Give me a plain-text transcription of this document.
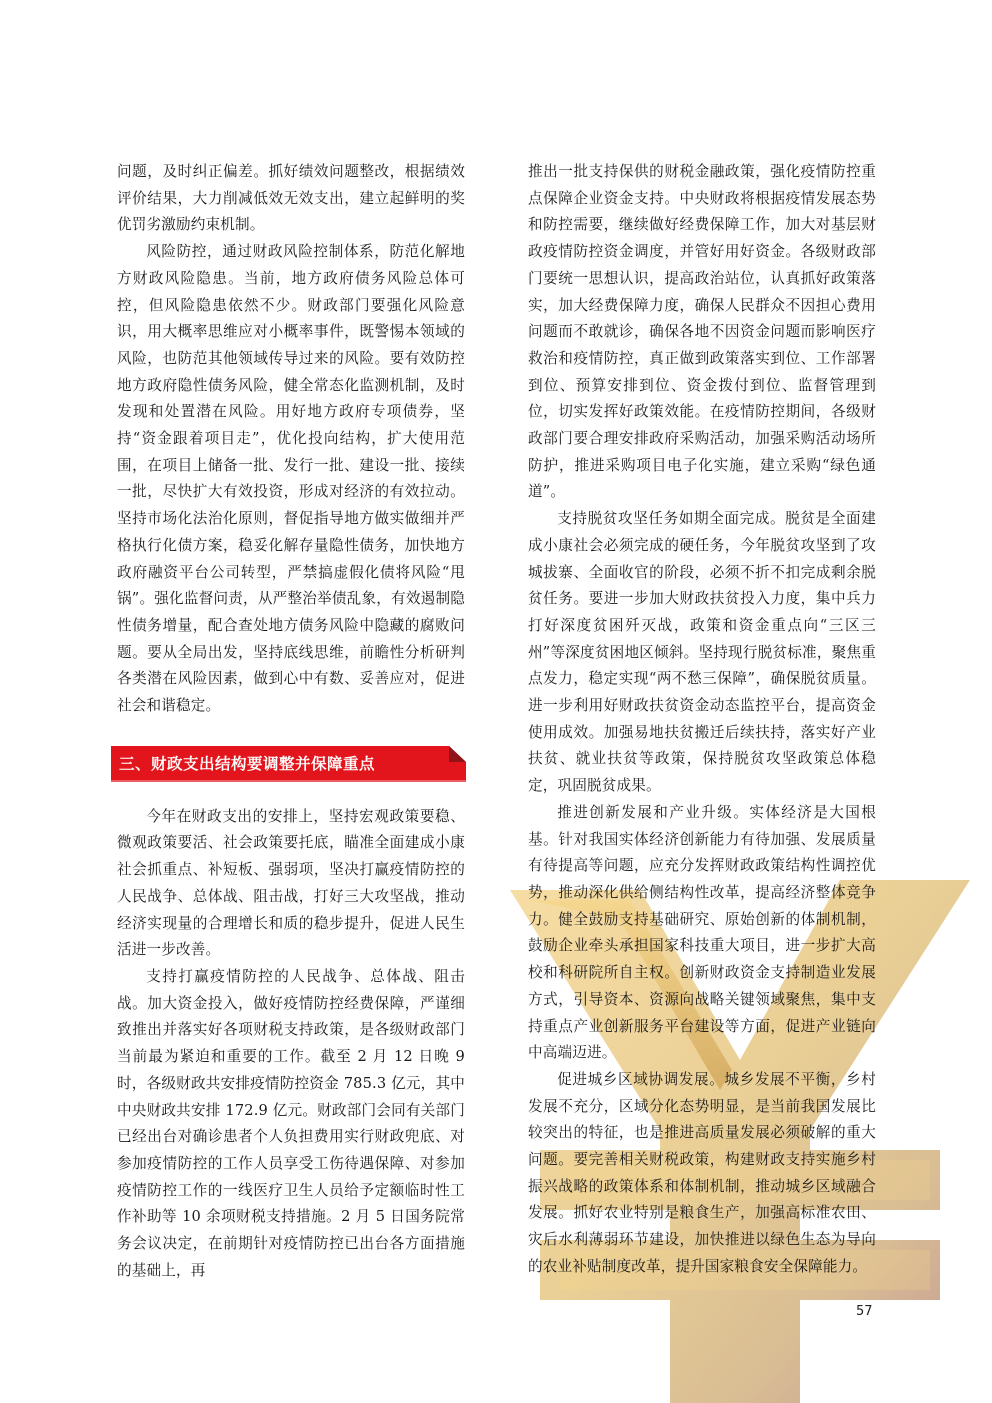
问题，及时纠正偏差。抓好绩效问题整改，根据绩效评价结果，大力削减低效无效支出，建立起鲜明的奖优罚劣激励约束机制。

风险防控，通过财政风险控制体系，防范化解地方财政风险隐患。当前，地方政府债务风险总体可控，但风险隐患依然不少。财政部门要强化风险意识，用大概率思维应对小概率事件，既警惕本领域的风险，也防范其他领域传导过来的风险。要有效防控地方政府隐性债务风险，健全常态化监测机制，及时发现和处置潜在风险。用好地方政府专项债券，坚持“资金跟着项目走”，优化投向结构，扩大使用范围，在项目上储备一批、发行一批、建设一批、接续一批，尽快扩大有效投资，形成对经济的有效拉动。坚持市场化法治化原则，督促指导地方做实做细并严格执行化债方案，稳妥化解存量隐性债务，加快地方政府融资平台公司转型，严禁搞虚假化债将风险“甩锅”。强化监督问责，从严整治举债乱象，有效遏制隐性债务增量，配合查处地方债务风险中隐藏的腐败问题。要从全局出发，坚持底线思维，前瞻性分析研判各类潜在风险因素，做到心中有数、妥善应对，促进社会和谐稳定。

三、财政支出结构要调整并保障重点

今年在财政支出的安排上，坚持宏观政策要稳、微观政策要活、社会政策要托底，瞄准全面建成小康社会抓重点、补短板、强弱项，坚决打赢疫情防控的人民战争、总体战、阻击战，打好三大攻坚战，推动经济实现量的合理增长和质的稳步提升，促进人民生活进一步改善。

支持打赢疫情防控的人民战争、总体战、阻击战。加大资金投入，做好疫情防控经费保障，严谨细致推出并落实好各项财税支持政策，是各级财政部门当前最为紧迫和重要的工作。截至 2 月 12 日晚 9 时，各级财政共安排疫情防控资金 785.3 亿元，其中中央财政共安排 172.9 亿元。财政部门会同有关部门已经出台对确诊患者个人负担费用实行财政兜底、对参加疫情防控的工作人员享受工伤待遇保障、对参加疫情防控工作的一线医疗卫生人员给予定额临时性工作补助等 10 余项财税支持措施。2 月 5 日国务院常务会议决定，在前期针对疫情防控已出台各方面措施的基础上，再

推出一批支持保供的财税金融政策，强化疫情防控重点保障企业资金支持。中央财政将根据疫情发展态势和防控需要，继续做好经费保障工作，加大对基层财政疫情防控资金调度，并管好用好资金。各级财政部门要统一思想认识，提高政治站位，认真抓好政策落实，加大经费保障力度，确保人民群众不因担心费用问题而不敢就诊，确保各地不因资金问题而影响医疗救治和疫情防控，真正做到政策落实到位、工作部署到位、预算安排到位、资金拨付到位、监督管理到位，切实发挥好政策效能。在疫情防控期间，各级财政部门要合理安排政府采购活动，加强采购活动场所防护，推进采购项目电子化实施，建立采购“绿色通道”。

支持脱贫攻坚任务如期全面完成。脱贫是全面建成小康社会必须完成的硬任务，今年脱贫攻坚到了攻城拔寨、全面收官的阶段，必须不折不扣完成剩余脱贫任务。要进一步加大财政扶贫投入力度，集中兵力打好深度贫困歼灭战，政策和资金重点向“三区三州”等深度贫困地区倾斜。坚持现行脱贫标准，聚焦重点发力，稳定实现“两不愁三保障”，确保脱贫质量。进一步利用好财政扶贫资金动态监控平台，提高资金使用成效。加强易地扶贫搬迁后续扶持，落实好产业扶贫、就业扶贫等政策，保持脱贫攻坚政策总体稳定，巩固脱贫成果。

推进创新发展和产业升级。实体经济是大国根基。针对我国实体经济创新能力有待加强、发展质量有待提高等问题，应充分发挥财政政策结构性调控优势，推动深化供给侧结构性改革，提高经济整体竞争力。健全鼓励支持基础研究、原始创新的体制机制，鼓励企业牵头承担国家科技重大项目，进一步扩大高校和科研院所自主权。创新财政资金支持制造业发展方式，引导资本、资源向战略关键领域聚焦，集中支持重点产业创新服务平台建设等方面，促进产业链向中高端迈进。

促进城乡区域协调发展。城乡发展不平衡，乡村发展不充分，区域分化态势明显，是当前我国发展比较突出的特征，也是推进高质量发展必须破解的重大问题。要完善相关财税政策，构建财政支持实施乡村振兴战略的政策体系和体制机制，推动城乡区域融合发展。抓好农业特别是粮食生产，加强高标准农田、灾后水利薄弱环节建设，加快推进以绿色生态为导向的农业补贴制度改革，提升国家粮食安全保障能力。

57
